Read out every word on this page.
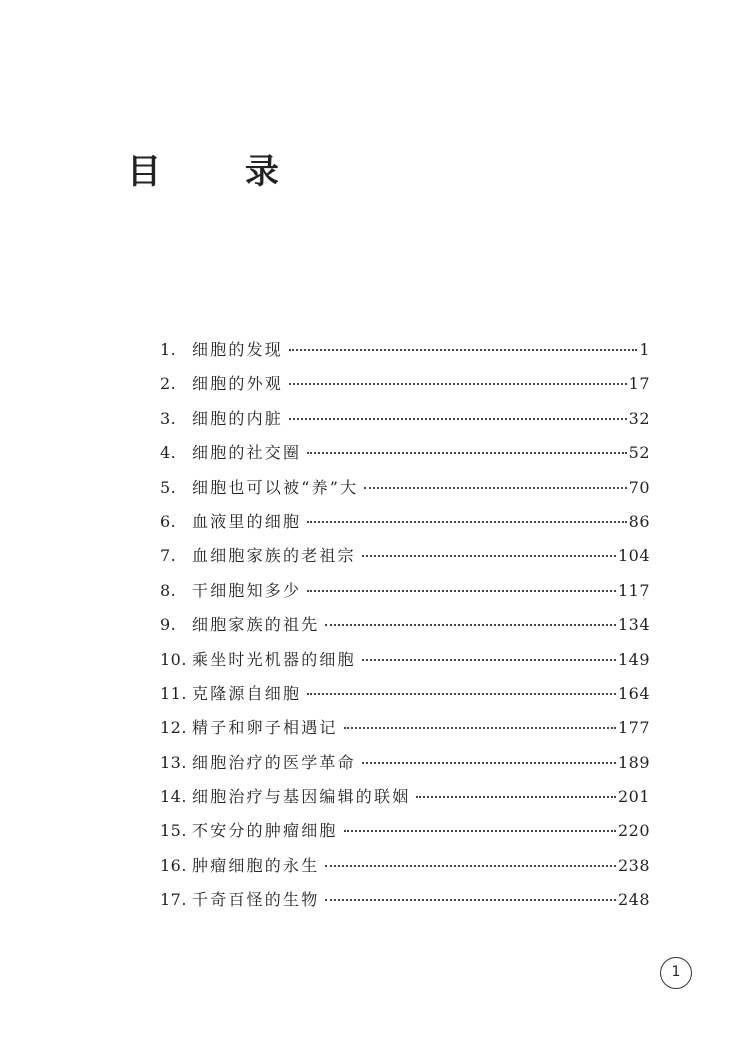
目 录
1. 细胞的发现	1
2. 细胞的外观	17
3. 细胞的内脏	32
4. 细胞的社交圈	52
5. 细胞也可以被“养”大	70
6. 血液里的细胞	86
7. 血细胞家族的老祖宗	104
8. 干细胞知多少	117
9. 细胞家族的祖先	134
10. 乘坐时光机器的细胞	149
11. 克隆源自细胞	164
12. 精子和卵子相遇记	177
13. 细胞治疗的医学革命	189
14. 细胞治疗与基因编辑的联姻	201
15. 不安分的肿瘤细胞	220
16. 肿瘤细胞的永生	238
17. 千奇百怪的生物	248
1
